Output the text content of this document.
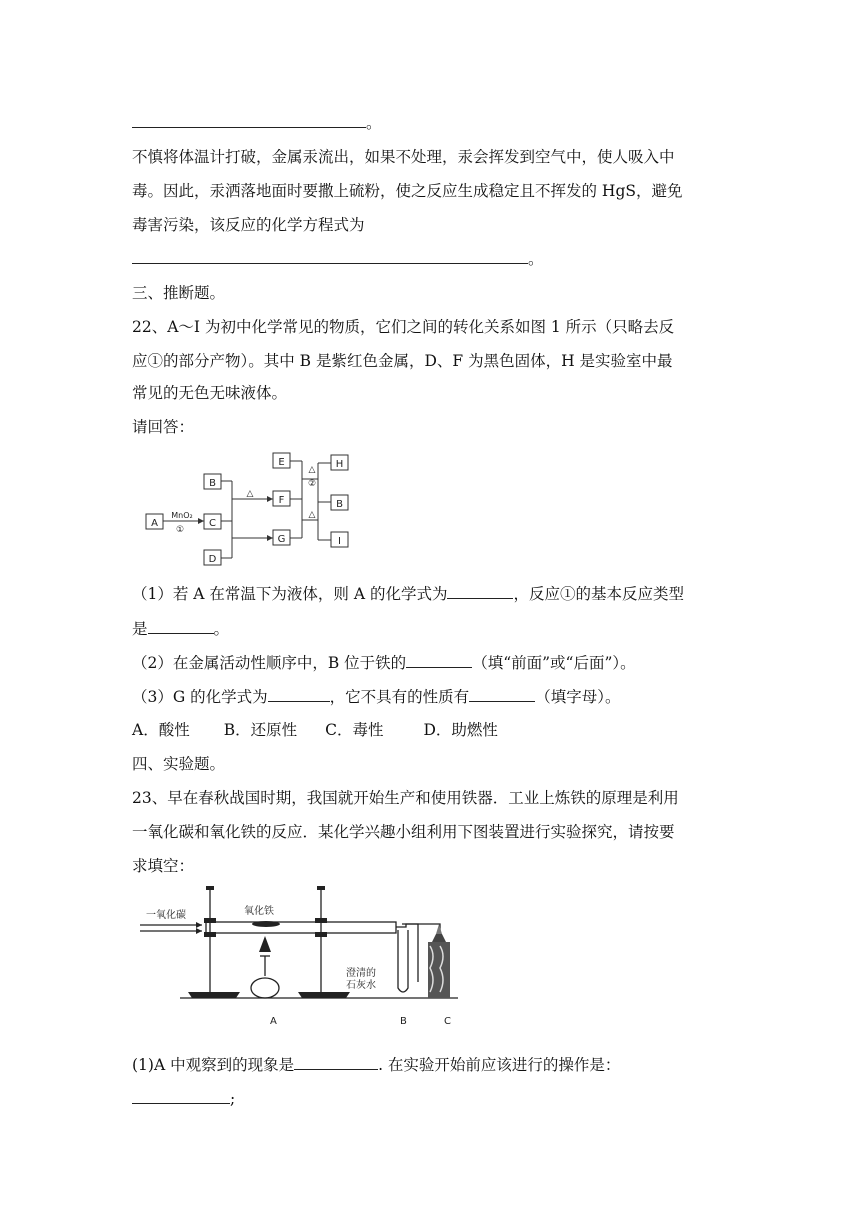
。
不慎将体温计打破，金属汞流出，如果不处理，汞会挥发到空气中，使人吸入中
毒。因此，汞洒落地面时要撒上硫粉，使之反应生成稳定且不挥发的 HgS，避免
毒害污染，该反应的化学方程式为
。
三、推断题。
22、A～I 为初中化学常见的物质，它们之间的转化关系如图 1 所示（只略去反
应①的部分产物）。其中 B 是紫红色金属，D、F 为黑色固体，H 是实验室中最
常见的无色无味液体。
请回答：
A
B
C
D
E
F
G
H
B
I
MnO₂
①
△
△
②
△
（1）若 A 在常温下为液体，则 A 的化学式为	，反应①的基本反应类型
是	。
（2）在金属活动性顺序中，B 位于铁的	（填“前面”或“后面”）。
（3）G 的化学式为	，它不具有的性质有	（填字母）。
A．酸性 B．还原性 C．毒性	D．助燃性
四、实验题。
23、早在春秋战国时期，我国就开始生产和使用铁器．工业上炼铁的原理是利用
一氧化碳和氧化铁的反应．某化学兴趣小组利用下图装置进行实验探究，请按要
求填空：
一氧化碳	氧化铁
澄清的
石灰水
A	B	C
(1)A 中观察到的现象是	. 在实验开始前应该进行的操作是：
;
